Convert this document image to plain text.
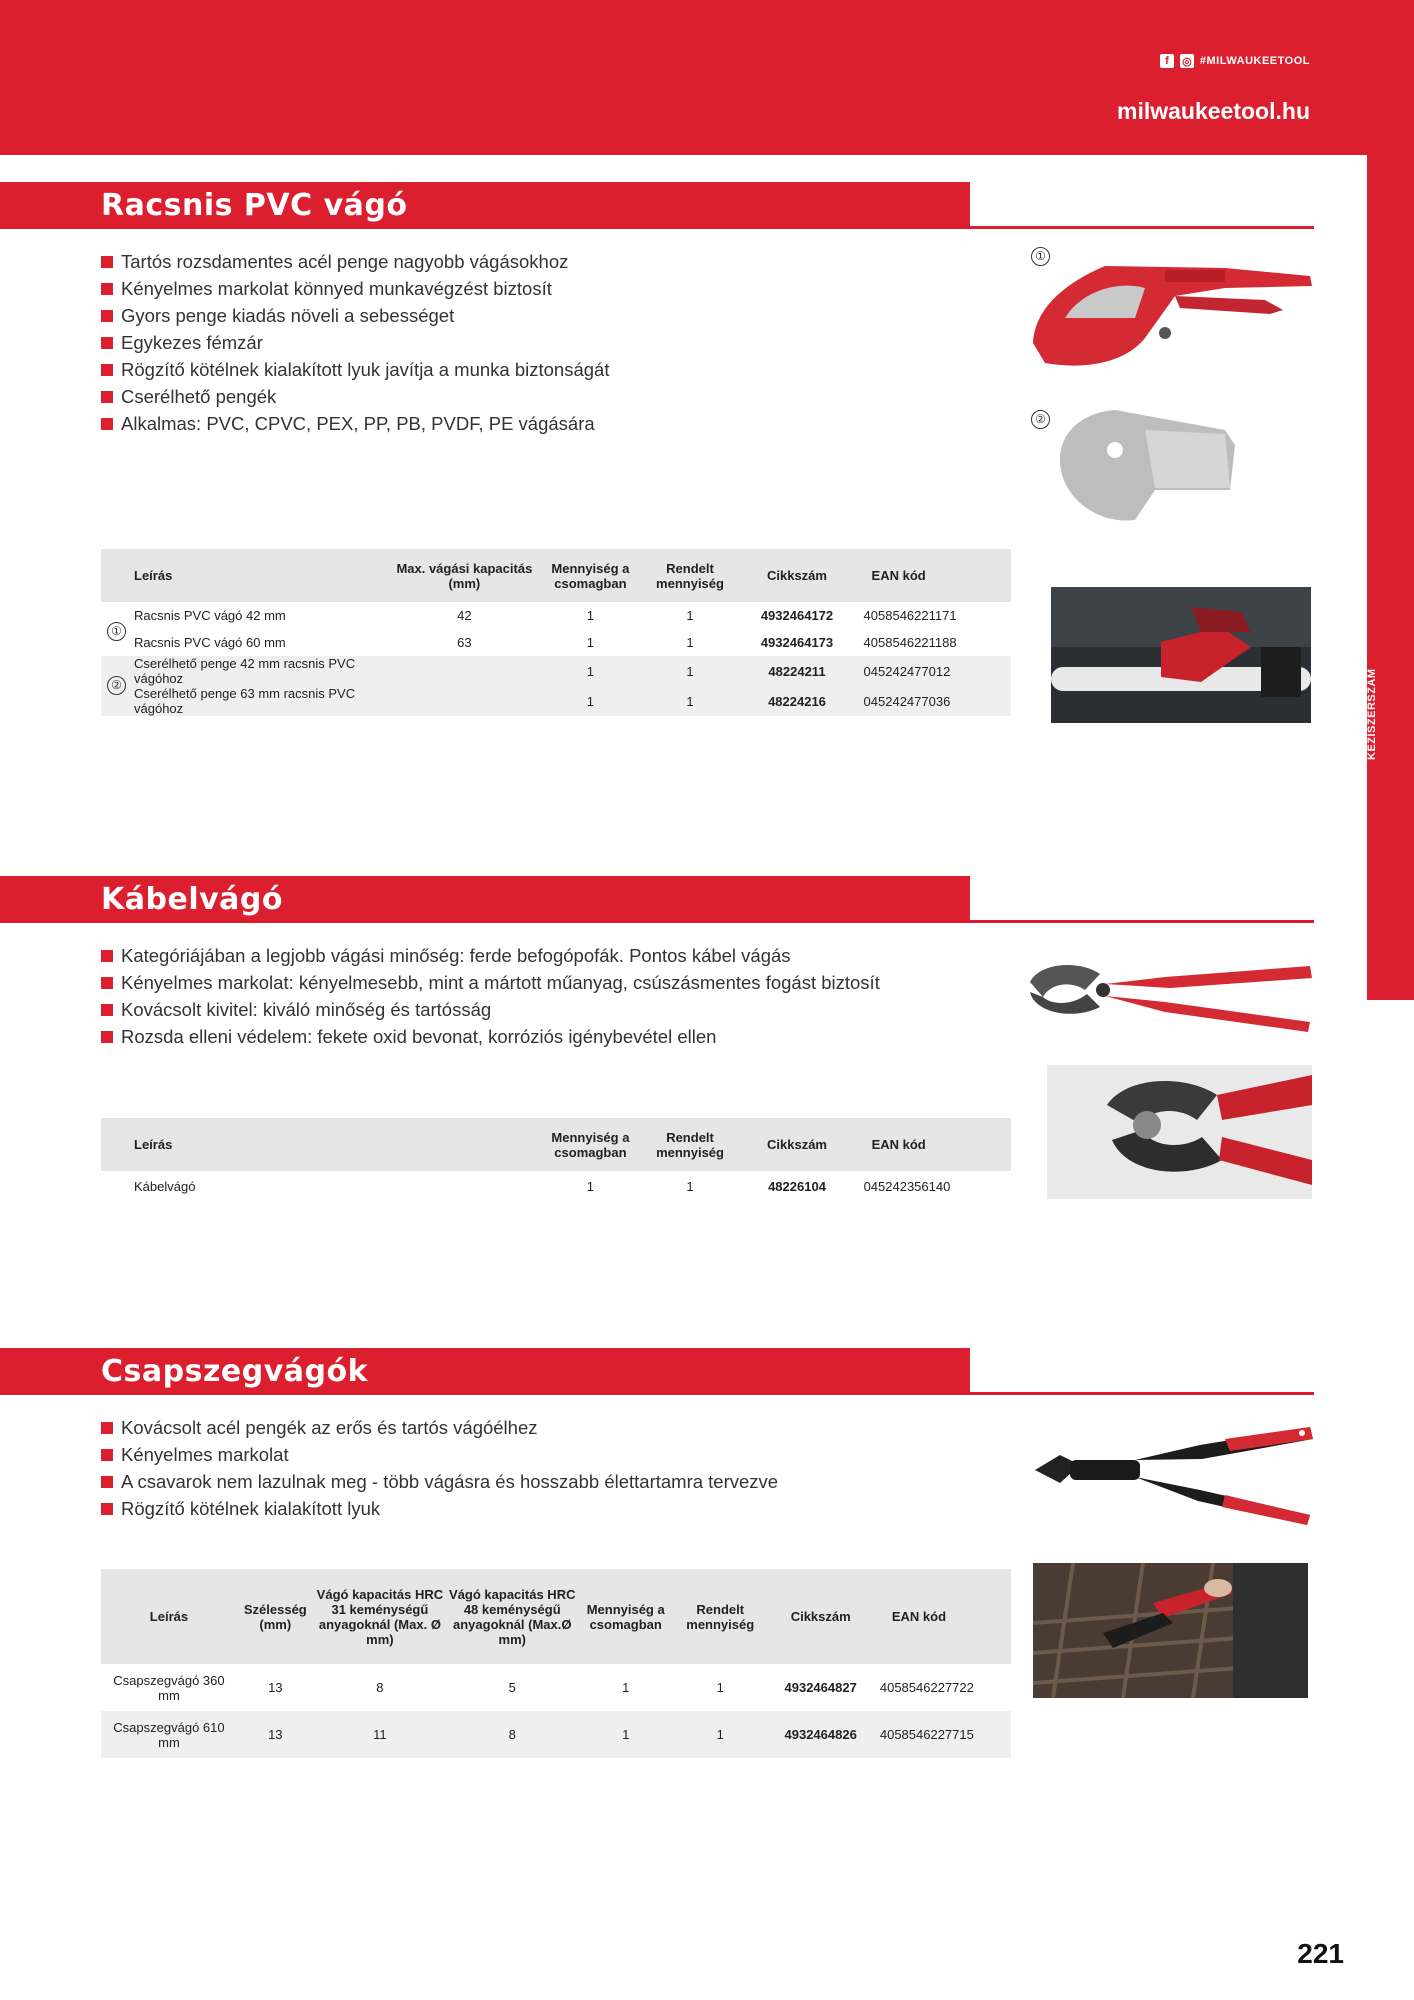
f	◎ #MILWAUKEETOOL
milwaukeetool.hu
KÉZISZERSZÁM
Racsnis PVC vágó
Tartós rozsdamentes acél penge nagyobb vágásokhoz
Kényelmes markolat könnyed munkavégzést biztosít
Gyors penge kiadás növeli a sebességet
Egykezes fémzár
Rögzítő kötélnek kialakított lyuk javítja a munka biztonságát
Cserélhető pengék
Alkalmas: PVC, CPVC, PEX, PP, PB, PVDF, PE vágására
①
②
Leírás	Max. vágási kapacitás (mm)	Mennyiség a csomagban	Rendelt mennyiség	Cikkszám	EAN kód
Racsnis PVC vágó 42 mm	42	1	1	4932464172	4058546221171
Racsnis PVC vágó 60 mm	63	1	1	4932464173	4058546221188
Cserélhető penge 42 mm racsnis PVC vágóhoz		1	1	48224211	045242477012
Cserélhető penge 63 mm racsnis PVC vágóhoz		1	1	48224216	045242477036
①
②
Kábelvágó
Kategóriájában a legjobb vágási minőség: ferde befogópofák. Pontos kábel vágás
Kényelmes markolat: kényelmesebb, mint a mártott műanyag, csúszásmentes fogást biztosít
Kovácsolt kivitel: kiváló minőség és tartósság
Rozsda elleni védelem: fekete oxid bevonat, korróziós igénybevétel ellen
Leírás	Mennyiség a csomagban	Rendelt mennyiség	Cikkszám	EAN kód
Kábelvágó	1	1	48226104	045242356140
Csapszegvágók
Kovácsolt acél pengék az erős és tartós vágóélhez
Kényelmes markolat
A csavarok nem lazulnak meg - több vágásra és hosszabb élettartamra tervezve
Rögzítő kötélnek kialakított lyuk
Leírás	Szélesség (mm)	Vágó kapacitás HRC 31 keménységű anyagoknál (Max. Ø mm)	Vágó kapacitás HRC 48 keménységű anyagoknál (Max.Ø mm)	Mennyiség a csomagban	Rendelt mennyiség	Cikkszám	EAN kód
Csapszegvágó 360 mm	13	8	5	1	1	4932464827	4058546227722
Csapszegvágó 610 mm	13	11	8	1	1	4932464826	4058546227715
221
